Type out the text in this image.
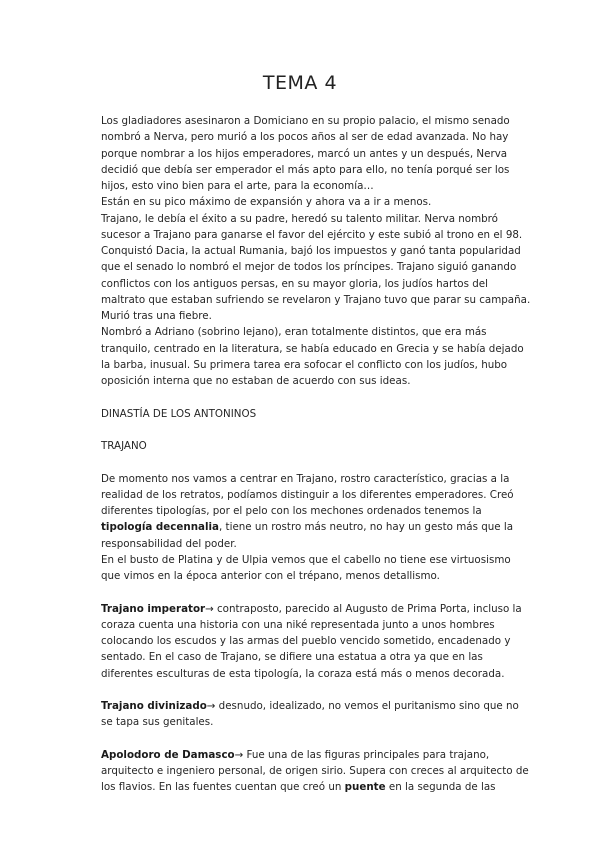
TEMA 4

Los gladiadores asesinaron a Domiciano en su propio palacio, el mismo senado nombró a Nerva, pero murió a los pocos años al ser de edad avanzada. No hay porque nombrar a los hijos emperadores, marcó un antes y un después, Nerva decidió que debía ser emperador el más apto para ello, no tenía porqué ser los hijos, esto vino bien para el arte, para la economía…

Están en su pico máximo de expansión y ahora va a ir a menos.

Trajano, le debía el éxito a su padre, heredó su talento militar. Nerva nombró sucesor a Trajano para ganarse el favor del ejército y este subió al trono en el 98. Conquistó Dacia, la actual Rumania, bajó los impuestos y ganó tanta popularidad que el senado lo nombró el mejor de todos los príncipes. Trajano siguió ganando conflictos con los antiguos persas, en su mayor gloria, los judíos hartos del maltrato que estaban sufriendo se revelaron y Trajano tuvo que parar su campaña. Murió tras una fiebre.

Nombró a Adriano (sobrino lejano), eran totalmente distintos, que era más tranquilo, centrado en la literatura, se había educado en Grecia y se había dejado la barba, inusual. Su primera tarea era sofocar el conflicto con los judíos, hubo oposición interna que no estaban de acuerdo con sus ideas.

DINASTÍA DE LOS ANTONINOS

TRAJANO

De momento nos vamos a centrar en Trajano, rostro característico, gracias a la realidad de los retratos, podíamos distinguir a los diferentes emperadores. Creó diferentes tipologías, por el pelo con los mechones ordenados tenemos la tipología decennalia, tiene un rostro más neutro, no hay un gesto más que la responsabilidad del poder.

En el busto de Platina y de Ulpia vemos que el cabello no tiene ese virtuosismo que vimos en la época anterior con el trépano, menos detallismo.

Trajano imperator→ contraposto, parecido al Augusto de Prima Porta, incluso la coraza cuenta una historia con una niké representada junto a unos hombres colocando los escudos y las armas del pueblo vencido sometido, encadenado y sentado. En el caso de Trajano, se difiere una estatua a otra ya que en las diferentes esculturas de esta tipología, la coraza está más o menos decorada.

Trajano divinizado→ desnudo, idealizado, no vemos el puritanismo sino que no se tapa sus genitales.

Apolodoro de Damasco→ Fue una de las figuras principales para trajano, arquitecto e ingeniero personal, de origen sirio. Supera con creces al arquitecto de los flavios. En las fuentes cuentan que creó un puente en la segunda de las
